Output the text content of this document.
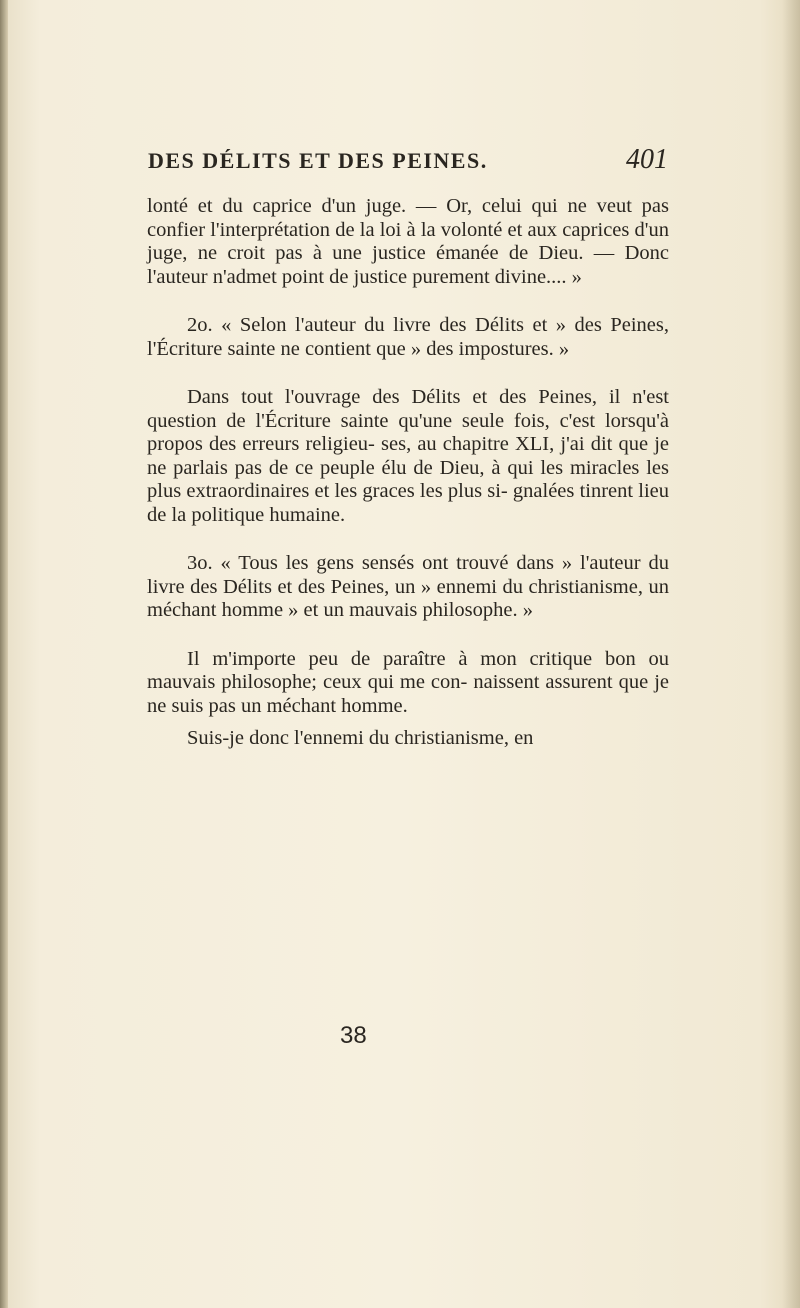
DES DÉLITS ET DES PEINES.	401

lonté et du caprice d'un juge. — Or, celui qui ne veut pas confier l'interprétation de la loi à la volonté et aux caprices d'un juge, ne croit pas à une justice émanée de Dieu. — Donc l'auteur n'admet point de justice purement divine.... »

2o. « Selon l'auteur du livre des Délits et » des Peines, l'Écriture sainte ne contient que » des impostures. »

Dans tout l'ouvrage des Délits et des Peines, il n'est question de l'Écriture sainte qu'une seule fois, c'est lorsqu'à propos des erreurs religieu- ses, au chapitre XLI, j'ai dit que je ne parlais pas de ce peuple élu de Dieu, à qui les miracles les plus extraordinaires et les graces les plus si- gnalées tinrent lieu de la politique humaine.

3o. « Tous les gens sensés ont trouvé dans » l'auteur du livre des Délits et des Peines, un » ennemi du christianisme, un méchant homme » et un mauvais philosophe. »

Il m'importe peu de paraître à mon critique bon ou mauvais philosophe; ceux qui me con- naissent assurent que je ne suis pas un méchant homme.

Suis-je donc l'ennemi du christianisme, en

38
